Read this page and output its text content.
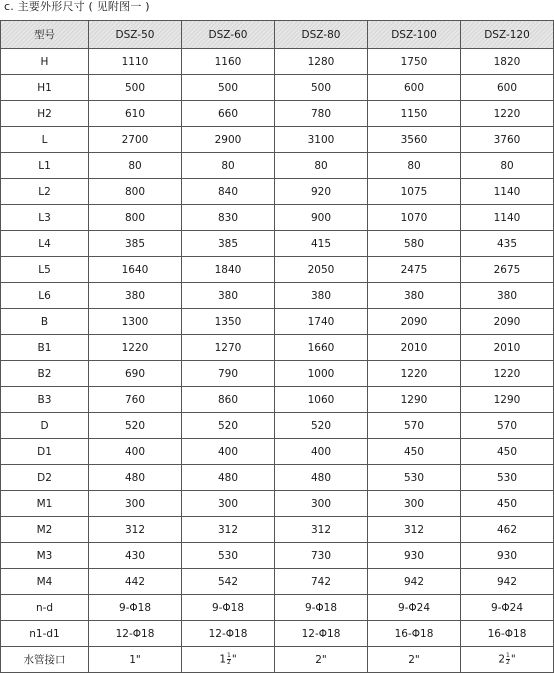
c. 主要外形尺寸 ( 见附图一 )
型号	DSZ-50	DSZ-60	DSZ-80	DSZ-100	DSZ-120
H	1110	1160	1280	1750	1820
H1	500	500	500	600	600
H2	610	660	780	1150	1220
L	2700	2900	3100	3560	3760
L1	80	80	80	80	80
L2	800	840	920	1075	1140
L3	800	830	900	1070	1140
L4	385	385	415	580	435
L5	1640	1840	2050	2475	2675
L6	380	380	380	380	380
B	1300	1350	1740	2090	2090
B1	1220	1270	1660	2010	2010
B2	690	790	1000	1220	1220
B3	760	860	1060	1290	1290
D	520	520	520	570	570
D1	400	400	400	450	450
D2	480	480	480	530	530
M1	300	300	300	300	450
M2	312	312	312	312	462
M3	430	530	730	930	930
M4	442	542	742	942	942
n-d	9-Φ18	9-Φ18	9-Φ18	9-Φ24	9-Φ24
n1-d1	12-Φ18	12-Φ18	12-Φ18	16-Φ18	16-Φ18
水管接口	1"	$1 \frac{1}{2}$ "	2"	2"	$2 \frac{1}{2}$ "
